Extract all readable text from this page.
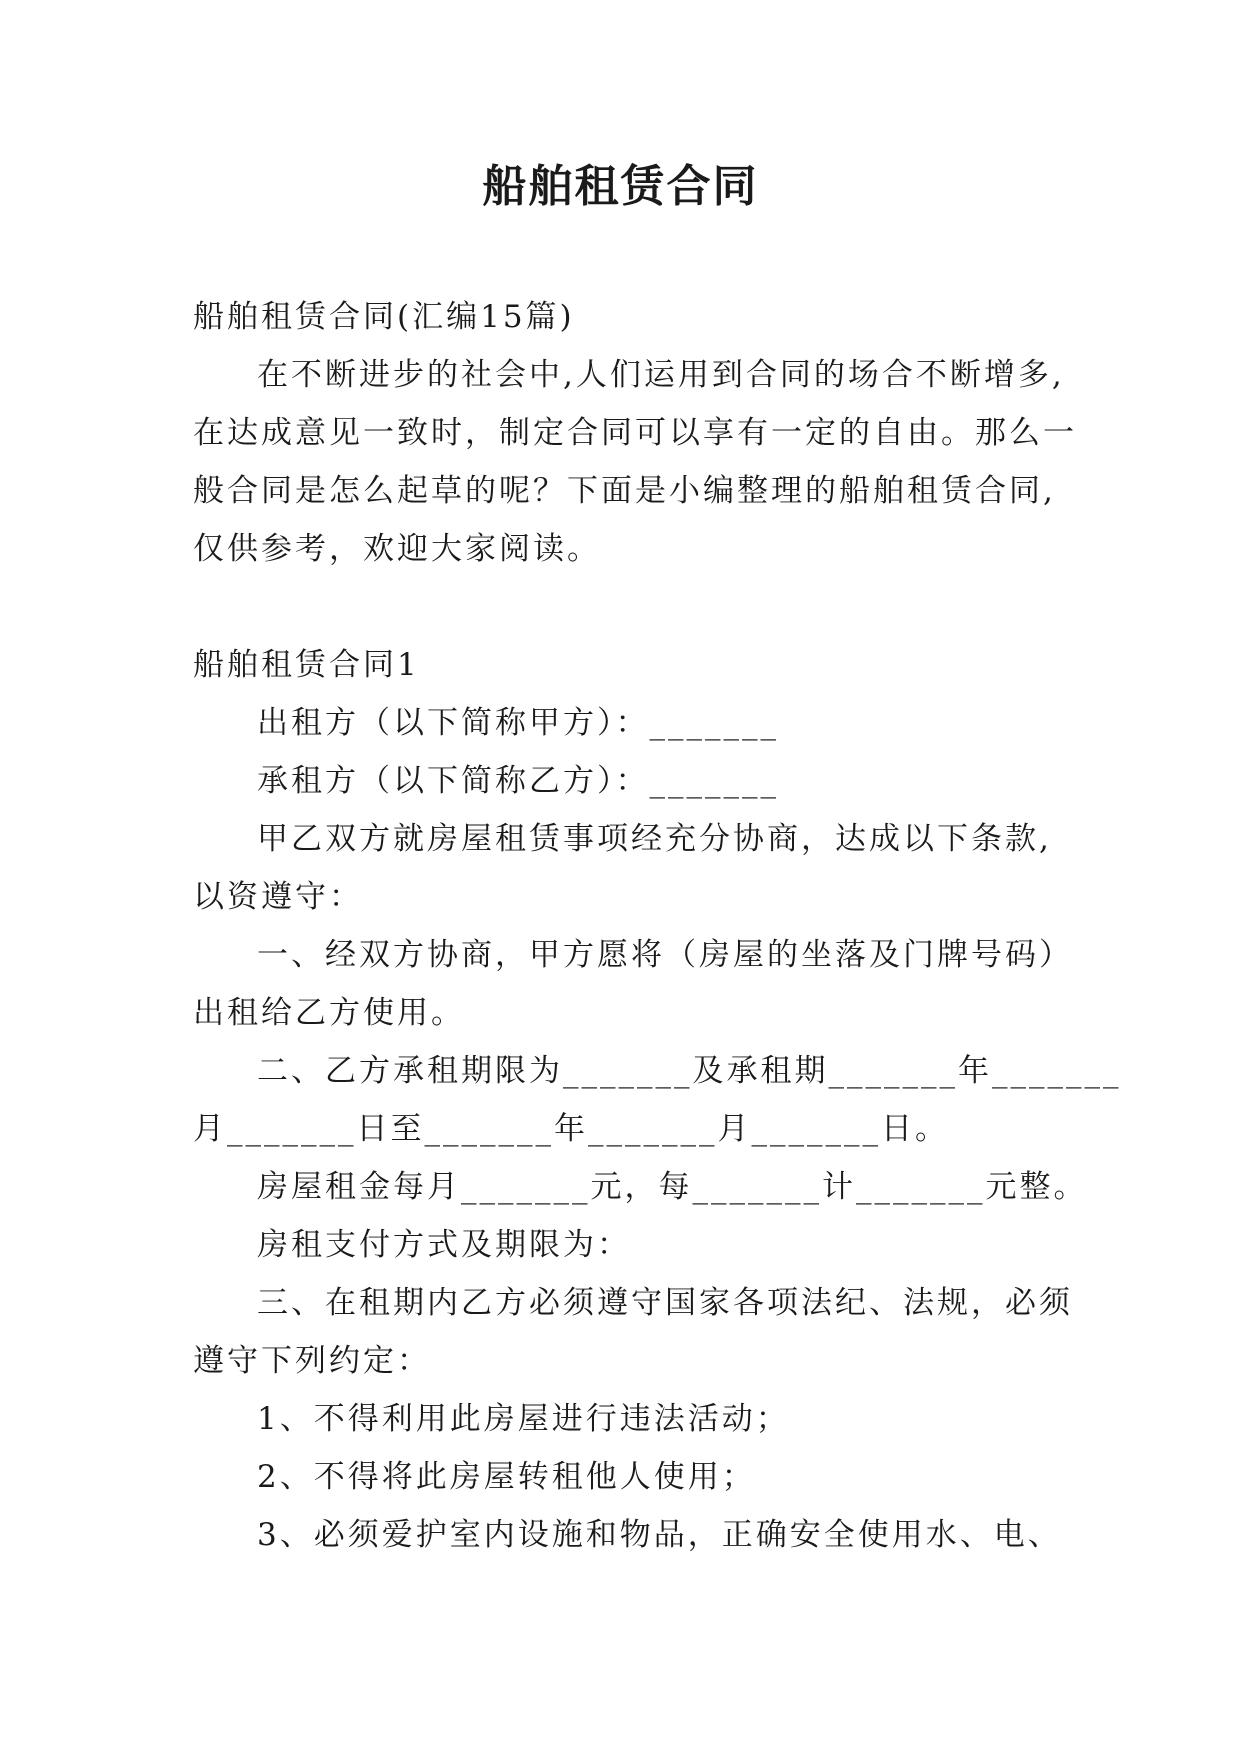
船舶租赁合同
船舶租赁合同(汇编15篇)
在不断进步的社会中,人们运用到合同的场合不断增多,
在达成意见一致时，制定合同可以享有一定的自由。那么一
般合同是怎么起草的呢？下面是小编整理的船舶租赁合同,
仅供参考，欢迎大家阅读。
船舶租赁合同1
出租方（以下简称甲方）：_______
承租方（以下简称乙方）：_______
甲乙双方就房屋租赁事项经充分协商，达成以下条款,
以资遵守：
一、经双方协商，甲方愿将（房屋的坐落及门牌号码）
出租给乙方使用。
二、乙方承租期限为_______及承租期_______年_______
月_______日至_______年_______月_______日。
房屋租金每月_______元，每_______计_______元整。
房租支付方式及期限为：
三、在租期内乙方必须遵守国家各项法纪、法规，必须
遵守下列约定：
1、不得利用此房屋进行违法活动；
2、不得将此房屋转租他人使用；
3、必须爱护室内设施和物品，正确安全使用水、电、
